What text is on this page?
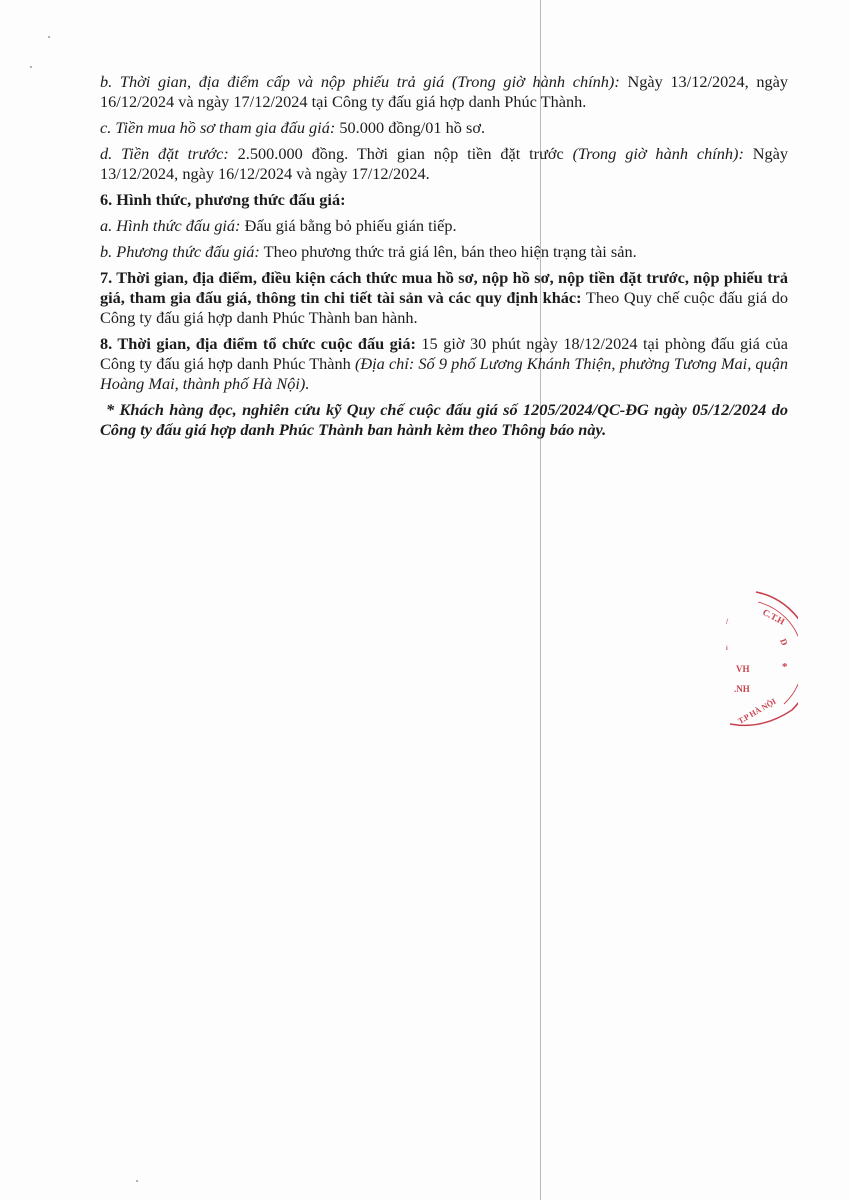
b. Thời gian, địa điểm cấp và nộp phiếu trả giá (Trong giờ hành chính): Ngày 13/12/2024, ngày 16/12/2024 và ngày 17/12/2024 tại Công ty đấu giá hợp danh Phúc Thành.

c. Tiền mua hồ sơ tham gia đấu giá: 50.000 đồng/01 hồ sơ.

d. Tiền đặt trước: 2.500.000 đồng. Thời gian nộp tiền đặt trước (Trong giờ hành chính): Ngày 13/12/2024, ngày 16/12/2024 và ngày 17/12/2024.

6. Hình thức, phương thức đấu giá:

a. Hình thức đấu giá: Đấu giá bằng bỏ phiếu gián tiếp.

b. Phương thức đấu giá: Theo phương thức trả giá lên, bán theo hiện trạng tài sản.

7. Thời gian, địa điểm, điều kiện cách thức mua hồ sơ, nộp hồ sơ, nộp tiền đặt trước, nộp phiếu trả giá, tham gia đấu giá, thông tin chi tiết tài sản và các quy định khác: Theo Quy chế cuộc đấu giá do Công ty đấu giá hợp danh Phúc Thành ban hành.

8. Thời gian, địa điểm tổ chức cuộc đấu giá: 15 giờ 30 phút ngày 18/12/2024 tại phòng đấu giá của Công ty đấu giá hợp danh Phúc Thành (Địa chỉ: Số 9 phố Lương Khánh Thiện, phường Tương Mai, quận Hoàng Mai, thành phố Hà Nội).

* Khách hàng đọc, nghiên cứu kỹ Quy chế cuộc đấu giá số 1205/2024/QC-ĐG ngày 05/12/2024 do Công ty đấu giá hợp danh Phúc Thành ban hành kèm theo Thông báo này.

C.T.H
D
*
VH
.NH
T.P HÀ NỘI
/
i
